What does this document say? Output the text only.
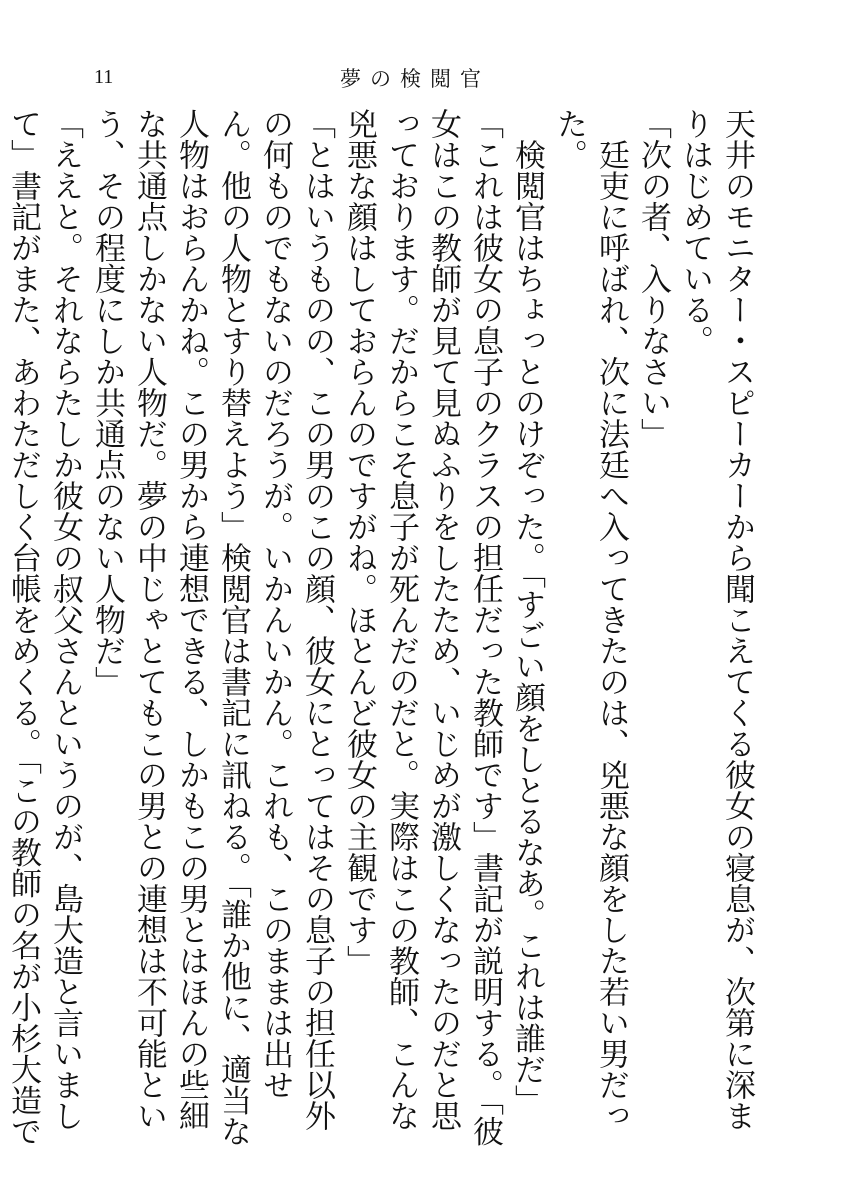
11	夢の検閲官

天井のモニター・スピーカーから聞こえてくる彼女の寝息が、次第に深まりはじめている。

「次の者、入りなさい」

廷吏に呼ばれ、次に法廷へ入ってきたのは、兇悪な顔をした若い男だった。

検閲官はちょっとのけぞった。「すごい顔をしとるなあ。これは誰だ」

「これは彼女の息子のクラスの担任だった教師です」書記が説明する。「彼女はこの教師が見て見ぬふりをしたため、いじめが激しくなったのだと思っております。だからこそ息子が死んだのだと。実際はこの教師、こんな兇悪な顔はしておらんのですがね。ほとんど彼女の主観です」

「とはいうものの、この男のこの顔、彼女にとってはその息子の担任以外の何ものでもないのだろうが。いかんいかん。これも、このままは出せん。他の人物とすり替えよう」検閲官は書記に訊ねる。「誰か他に、適当な人物はおらんかね。この男から連想できる、しかもこの男とはほんの些細な共通点しかない人物だ。夢の中じゃとてもこの男との連想は不可能という、その程度にしか共通点のない人物だ」

「ええと。それならたしか彼女の叔父さんというのが、島大造と言いまして」書記がまた、あわただしく台帳をめくる。「この教師の名が小杉大造で
